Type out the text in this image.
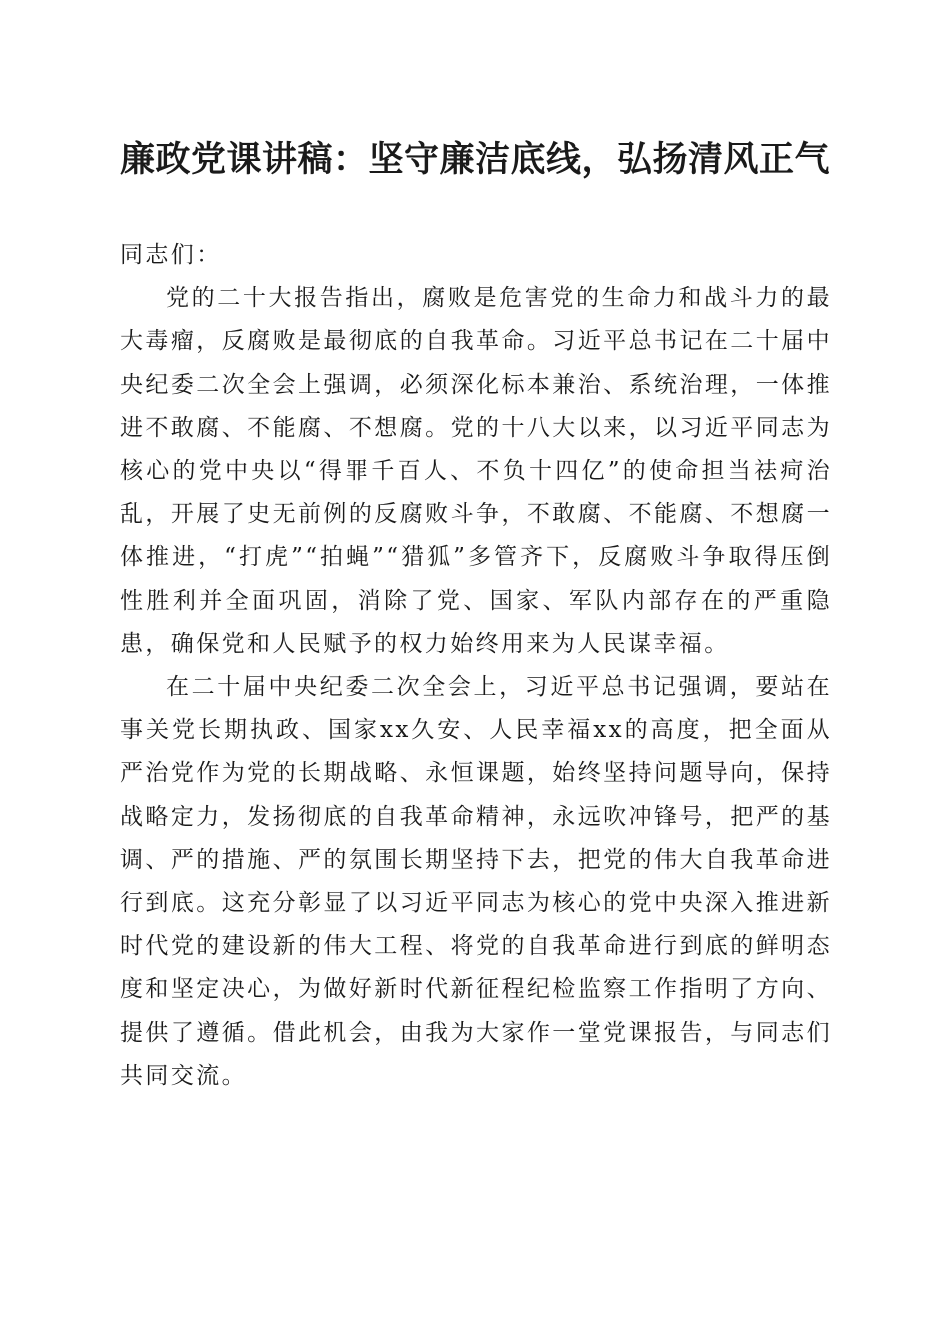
廉政党课讲稿：坚守廉洁底线，弘扬清风正气

同志们：

党的二十大报告指出，腐败是危害党的生命力和战斗力的最大毒瘤，反腐败是最彻底的自我革命。习近平总书记在二十届中央纪委二次全会上强调，必须深化标本兼治、系统治理，一体推进不敢腐、不能腐、不想腐。党的十八大以来，以习近平同志为核心的党中央以“得罪千百人、不负十四亿”的使命担当祛疴治乱，开展了史无前例的反腐败斗争，不敢腐、不能腐、不想腐一体推进，“打虎”“拍蝇”“猎狐”多管齐下，反腐败斗争取得压倒性胜利并全面巩固，消除了党、国家、军队内部存在的严重隐患，确保党和人民赋予的权力始终用来为人民谋幸福。

在二十届中央纪委二次全会上，习近平总书记强调，要站在事关党长期执政、国家xx久安、人民幸福xx的高度，把全面从严治党作为党的长期战略、永恒课题，始终坚持问题导向，保持战略定力，发扬彻底的自我革命精神，永远吹冲锋号，把严的基调、严的措施、严的氛围长期坚持下去，把党的伟大自我革命进行到底。这充分彰显了以习近平同志为核心的党中央深入推进新时代党的建设新的伟大工程、将党的自我革命进行到底的鲜明态度和坚定决心，为做好新时代新征程纪检监察工作指明了方向、提供了遵循。借此机会，由我为大家作一堂党课报告，与同志们共同交流。
